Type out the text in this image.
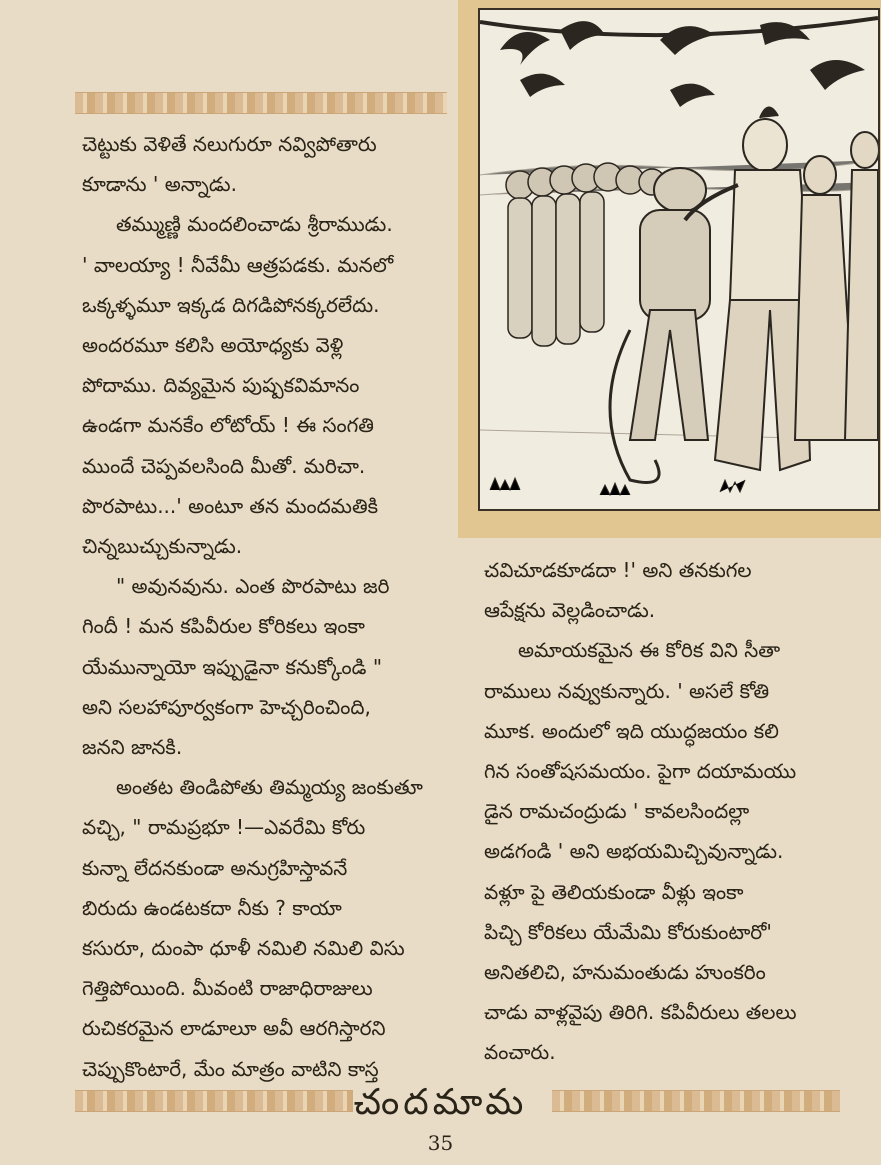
చెట్టుకు వెళితే నలుగురూ నవ్విపోతారు

కూడాను ' అన్నాడు.

తమ్ముణ్ణి మందలించాడు శ్రీరాముడు.

' వాలయ్యా ! నీవేమీ ఆత్రపడకు. మనలో

ఒక్కళ్ళమూ ఇక్కడ దిగడిపోనక్కరలేదు.

అందరమూ కలిసి అయోధ్యకు వెళ్లి

పోదాము. దివ్యమైన పుష్పకవిమానం

ఉండగా మనకేం లోటోయ్ ! ఈ సంగతి

ముందే చెప్పవలసింది మీతో. మరిచా.

పొరపాటు...' అంటూ తన మందమతికి

చిన్నబుచ్చుకున్నాడు.

" అవునవును. ఎంత పొరపాటు జరి

గిందీ ! మన కపివీరుల కోరికలు ఇంకా

యేమున్నాయో ఇప్పుడైనా కనుక్కోండి "

అని సలహాపూర్వకంగా హెచ్చరించింది,

జనని జానకి.

అంతట తిండిపోతు తిమ్మయ్య జంకుతూ

వచ్చి, " రామప్రభూ !—ఎవరేమి కోరు

కున్నా లేదనకుండా అనుగ్రహిస్తావనే

బిరుదు ఉండటకదా నీకు ? కాయా

కసురూ, దుంపా ధూళీ నమిలి నమిలి విసు

గెత్తిపోయింది. మీవంటి రాజాధిరాజులు

రుచికరమైన లాడూలూ అవీ ఆరగిస్తారని

చెప్పుకొంటారే, మేం మాత్రం వాటిని కాస్త

చవిచూడకూడదా !' అని తనకుగల

ఆపేక్షను వెల్లడించాడు.

అమాయకమైన ఈ కోరిక విని సీతా

రాములు నవ్వుకున్నారు. ' అసలే కోతి

మూక. అందులో ఇది యుద్ధజయం కలి

గిన సంతోషసమయం. పైగా దయామయు

డైన రామచంద్రుడు ' కావలసిందల్లా

అడగండి ' అని అభయమిచ్చివున్నాడు.

వళ్లూ పై తెలియకుండా వీళ్లు ఇంకా

పిచ్చి కోరికలు యేమేమి కోరుకుంటారో'

అనితలిచి, హనుమంతుడు హుంకరిం

చాడు వాళ్లవైపు తిరిగి. కపివీరులు తలలు

వంచారు.

చందమామ
35
